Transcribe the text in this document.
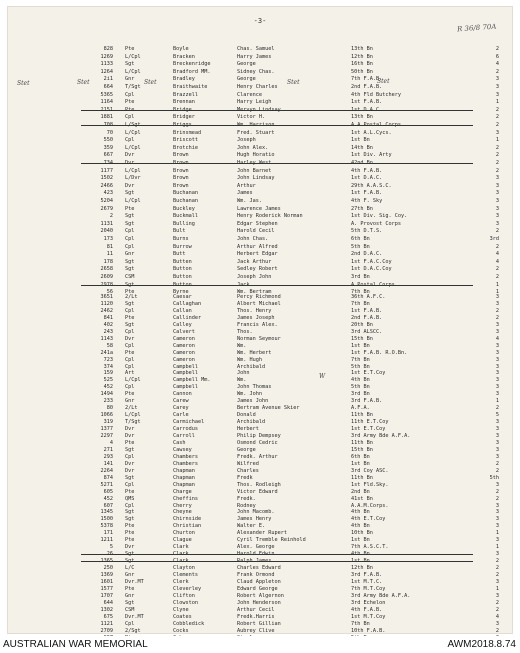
-3-
R 36/8 70A
828 Pte	Boyle	Chas. Samuel	13th Bn	2
1269 L/Cpl	Bracken	Harry James	12th Bn	6
1133 Sgt	Breckenridge	George	16th Bn	4
1264 L/Cpl	Bradford MM.	Sidney Chas.	50th Bn	2
2i1 Gnr	Bradley	George	7th F.A.B.	3
664 T/Sgt	Braithwaite	Henry Charles	2nd F.A.B.	3
5365 Cpl	Brazzell	Clarence	4th Fld Butchery	3
1164 Pte	Brennan	Harry Leigh	1st F.A.B.	1
2151 Pte	Bridge	Mervyn Lindsay	1st D.A.C.	2
1881 Cpl	Bridger	Victor H.	13th Bn	2
708 L/Sgt	Briggs	Wm. Harrison	A.A.Postal Corps	2
70 L/Cpl	Brinsmead	Fred. Stuart	1st A.L.Cycs.	3
550 Cpl	Briscott	Joseph	1st Bn	1
359 L/Cpl	Brotchie	John Alex.	14th Bn	2
667 Dvr	Brown	Hugh Horatio	1st Div. Arty	2
734 Dvr	Brown	Harley West	42nd Bn	2
1177 L/Cpl	Brown	John Barnet	4th F.A.B.	2
1502 L/Dvr	Brown	John Lindsay	1st D.A.C.	3
2466 Dvr	Brown	Arthur	29th A.A.S.C.	3
423 Sgt	Buchanan	James	1st F.A.B.	3
5204 L/Cpl	Buchanan	Wm. Jas.	4th F. Sky	3
2679 Pte	Buckley	Lawrence James	27th Bn	3
2 Sgt	Buckmall	Henry Roderick Norman	1st Div. Sig. Coy.	3
1131 Sgt	Bulling	Edgar Stephen	A. Provost Corps	3
2040 Cpl	Bult	Harold Cecil	5th D.T.S.	2
173 Cpl	Burns	John Chas.	6th Bn	3rd
81 Cpl	Burrow	Arthur Alfred	5th Bn	2
11 Gnr	Butt	Herbert Edgar	2nd D.A.C.	4
178 Sgt	Butten	Jack Arthur	1st F.A.C.Coy	4
2658 Sgt	Button	Sedley Robert	1st D.A.C.Coy	2
2609 CSM	Button	Joseph John	3rd Bn	2
2978 Sgt	Button	Jack	A.Postal Corps	1
56 Pte	Byrne	Wm. Bertram	7th Bn	1
3651 2/Lt	Caesar	Percy Richmond	36th A.F.C.	3
1120 Sgt	Callaghan	Albert Michael	7th Bn	3
2462 Cpl	Callan	Thos. Henry	1st F.A.B.	2
841 Pte	Callinder	James Joseph	2nd F.A.B.	2
402 Sgt	Calley	Francis Alex.	20th Bn	3
243 Cpl	Calvert	Thos.	3rd ALSCC.	3
1143 Dvr	Cameron	Norman Seymour	15th Bn	4
58 Cpl	Cameron	Wm.	1st Bn	3
241a Pte	Cameron	Wm. Herbert	1st F.A.B. R.O.Bn.	3
723 Cpl	Cameron	Wm. Hugh	7th Bn	3
374 Cpl	Campbell	Archibald	5th Bn	3
159 Art	Campbell	John	1st E.T.Coy	3
525 L/Cpl	Campbell Mm.	Wm.	4th Bn	3
452 Cpl	Campbell	John Thomas	5th Bn	3
1494 Pte	Cannon	Wm. John	3rd Bn	3
233 Gnr	Carew	James John	3rd F.A.B.	1
80 2/Lt	Carey	Bertram Avenue Skier	A.F.A.	2
1066 L/Cpl	Carle	Donald	11th Bn	5
319 T/Sgt	Carmichael	Archibald	11th E.T.Coy	3
1377 Dvr	Carrodus	Herbert	1st E.T.Coy	3
2297 Dvr	Carroll	Philip Dempsey	3rd Army Bde A.F.A.	3
4 Pte	Cash	Osmond Cedric	11th Bn	3
271 Sgt	Cawsey	George	15th Bn	3
293 Cpl	Chambers	Fredk. Arthur	6th Bn	3
141 Dvr	Chambers	Wilfred	1st Bn	2
2264 Dvr	Chapman	Charles	3rd Coy ASC.	2
874 Sgt	Chapman	Fredk	11th Bn	5th
5271 Cpl	Chapman	Thos. Rodleigh	1st Fld.Sky.	3
605 Pte	Charge	Victor Edward	2nd Bn	2
452 QMS	Cheffins	Fredk.	41st Bn	2
607 Cpl	Cherry	Rodney	A.A.M.Corps.	3
1345 Sgt	Cheyne	John Macomb.	4th Bn	3
1500 Sgt	Chirnside	James Henry	4th E.T.Coy	3
5378 Pte	Christian	Walter E.	4th Bn	3
171 Pte	Churton	Alexander Rupert	10th Bn	1
1211 Pte	Clague	Cyril Tremble Reinhold	1st Bn	3
5 Dvr	Clark	Alex. George	7th A.S.C.T.	1
26 Sgt	Clark	Harold Edwin	4th Bn	3
1365 Sgt	Clark	Ralph James	1st Bn	2
250 L/C	Clayton	Charles Edward	12th Bn	2
1369 Gnr	Clements	Frank Ormond	3rd F.A.B.	2
1601 Dvr.MT	Clerk	Claud Appleton	1st M.T.C.	3
1577 Pte	Cleverley	Edward George	7th M.T.Coy	1
1707 Gnr	Clifton	Robert Algernon	3rd Army Bde A.F.A.	3
644 Sgt	Clowston	John Henderson	3rd Echelon	2
1302 CSM	Clyne	Arthur Cecil	4th F.A.B.	2
675 Dvr.MT	Coates	Fredk.Harris	1st M.T.Coy	4
1121 Cpl	Cobbledick	Robert Gillian	7th Bn	3
2709 2/Sgt	Cocks	Aubrey Clive	10th F.A.B.	2
Stet	Stet	Stet	Stet	Stet
W
AUSTRALIAN WAR MEMORIAL	AWM2018.8.74
